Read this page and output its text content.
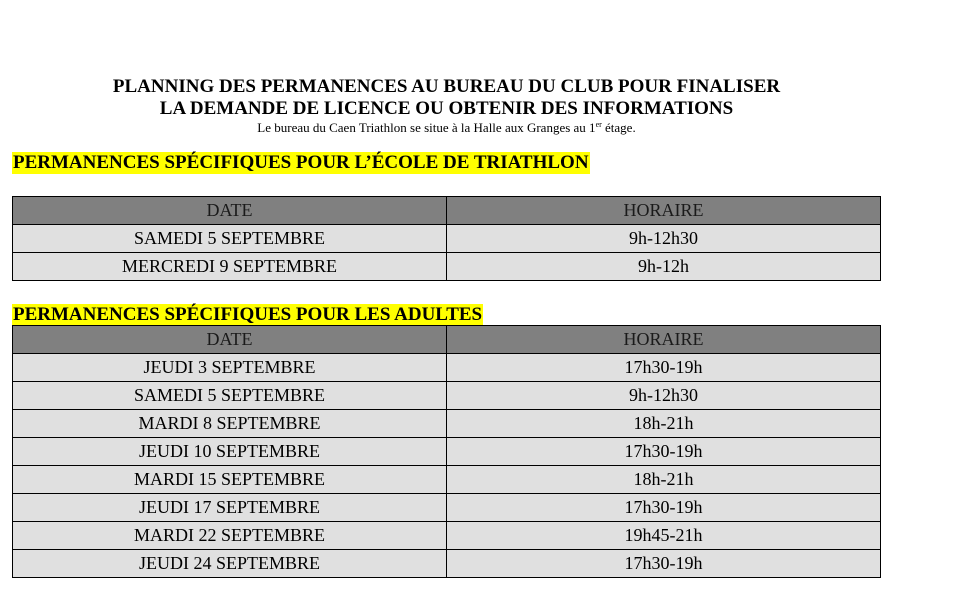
PLANNING DES PERMANENCES AU BUREAU DU CLUB POUR FINALISER
LA DEMANDE DE LICENCE OU OBTENIR DES INFORMATIONS
Le bureau du Caen Triathlon se situe à la Halle aux Granges au 1er étage.
PERMANENCES SPÉCIFIQUES POUR L’ÉCOLE DE TRIATHLON
DATE	HORAIRE
SAMEDI 5 SEPTEMBRE	9h-12h30
MERCREDI 9 SEPTEMBRE	9h-12h
PERMANENCES SPÉCIFIQUES POUR LES ADULTES
DATE	HORAIRE
JEUDI 3 SEPTEMBRE	17h30-19h
SAMEDI 5 SEPTEMBRE	9h-12h30
MARDI 8 SEPTEMBRE	18h-21h
JEUDI 10 SEPTEMBRE	17h30-19h
MARDI 15 SEPTEMBRE	18h-21h
JEUDI 17 SEPTEMBRE	17h30-19h
MARDI 22 SEPTEMBRE	19h45-21h
JEUDI 24 SEPTEMBRE	17h30-19h
